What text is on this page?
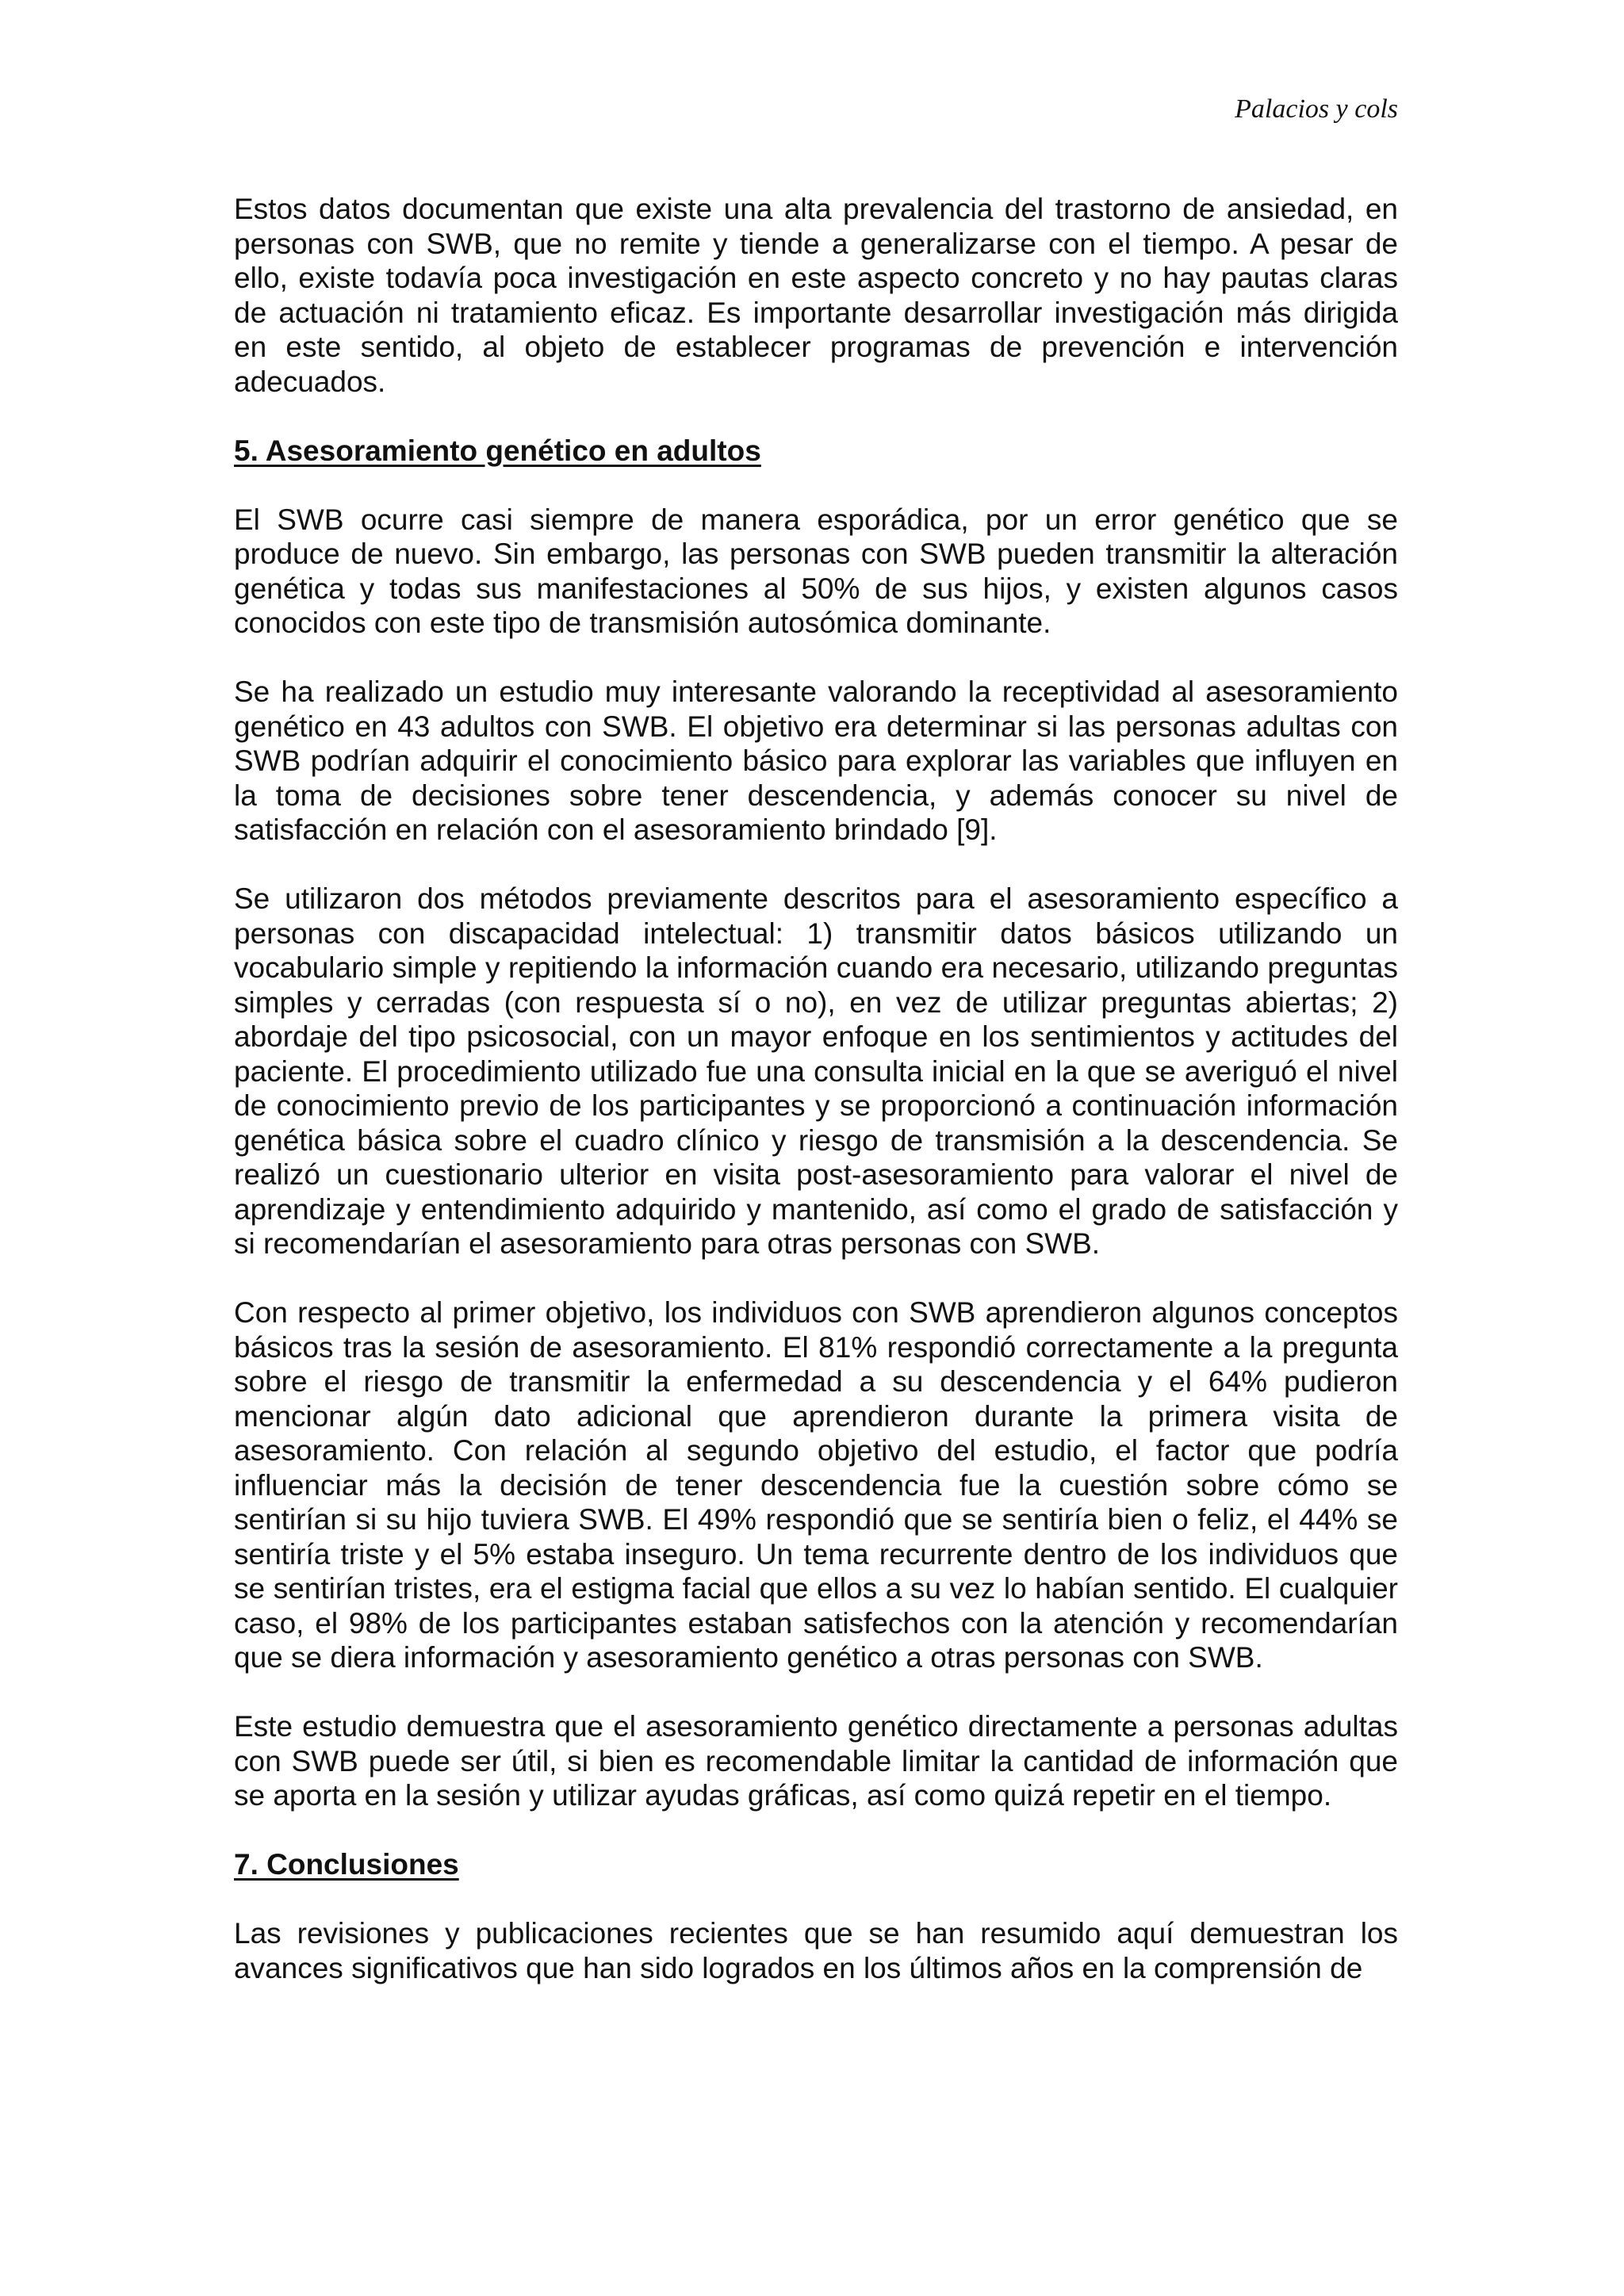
Palacios y cols

Estos datos documentan que existe una alta prevalencia del trastorno de ansiedad, en personas con SWB, que no remite y tiende a generalizarse con el tiempo. A pesar de ello, existe todavía poca investigación en este aspecto concreto y no hay pautas claras de actuación ni tratamiento eficaz. Es importante desarrollar investigación más dirigida en este sentido, al objeto de establecer programas de prevención e intervención adecuados.

5. Asesoramiento genético en adultos

El SWB ocurre casi siempre de manera esporádica, por un error genético que se produce de nuevo. Sin embargo, las personas con SWB pueden transmitir la alteración genética y todas sus manifestaciones al 50% de sus hijos, y existen algunos casos conocidos con este tipo de transmisión autosómica dominante.

Se ha realizado un estudio muy interesante valorando la receptividad al asesoramiento genético en 43 adultos con SWB. El objetivo era determinar si las personas adultas con SWB podrían adquirir el conocimiento básico para explorar las variables que influyen en la toma de decisiones sobre tener descendencia, y además conocer su nivel de satisfacción en relación con el asesoramiento brindado [9].

Se utilizaron dos métodos previamente descritos para el asesoramiento específico a personas con discapacidad intelectual: 1) transmitir datos básicos utilizando un vocabulario simple y repitiendo la información cuando era necesario, utilizando preguntas simples y cerradas (con respuesta sí o no), en vez de utilizar preguntas abiertas; 2) abordaje del tipo psicosocial, con un mayor enfoque en los sentimientos y actitudes del paciente. El procedimiento utilizado fue una consulta inicial en la que se averiguó el nivel de conocimiento previo de los participantes y se proporcionó a continuación información genética básica sobre el cuadro clínico y riesgo de transmisión a la descendencia. Se realizó un cuestionario ulterior en visita post-asesoramiento para valorar el nivel de aprendizaje y entendimiento adquirido y mantenido, así como el grado de satisfacción y si recomendarían el asesoramiento para otras personas con SWB.

Con respecto al primer objetivo, los individuos con SWB aprendieron algunos conceptos básicos tras la sesión de asesoramiento. El 81% respondió correctamente a la pregunta sobre el riesgo de transmitir la enfermedad a su descendencia y el 64% pudieron mencionar algún dato adicional que aprendieron durante la primera visita de asesoramiento. Con relación al segundo objetivo del estudio, el factor que podría influenciar más la decisión de tener descendencia fue la cuestión sobre cómo se sentirían si su hijo tuviera SWB. El 49% respondió que se sentiría bien o feliz, el 44% se sentiría triste y el 5% estaba inseguro. Un tema recurrente dentro de los individuos que se sentirían tristes, era el estigma facial que ellos a su vez lo habían sentido. El cualquier caso, el 98% de los participantes estaban satisfechos con la atención y recomendarían que se diera información y asesoramiento genético a otras personas con SWB.

Este estudio demuestra que el asesoramiento genético directamente a personas adultas con SWB puede ser útil, si bien es recomendable limitar la cantidad de información que se aporta en la sesión y utilizar ayudas gráficas, así como quizá repetir en el tiempo.

7. Conclusiones

Las revisiones y publicaciones recientes que se han resumido aquí demuestran los avances significativos que han sido logrados en los últimos años en la comprensión de
